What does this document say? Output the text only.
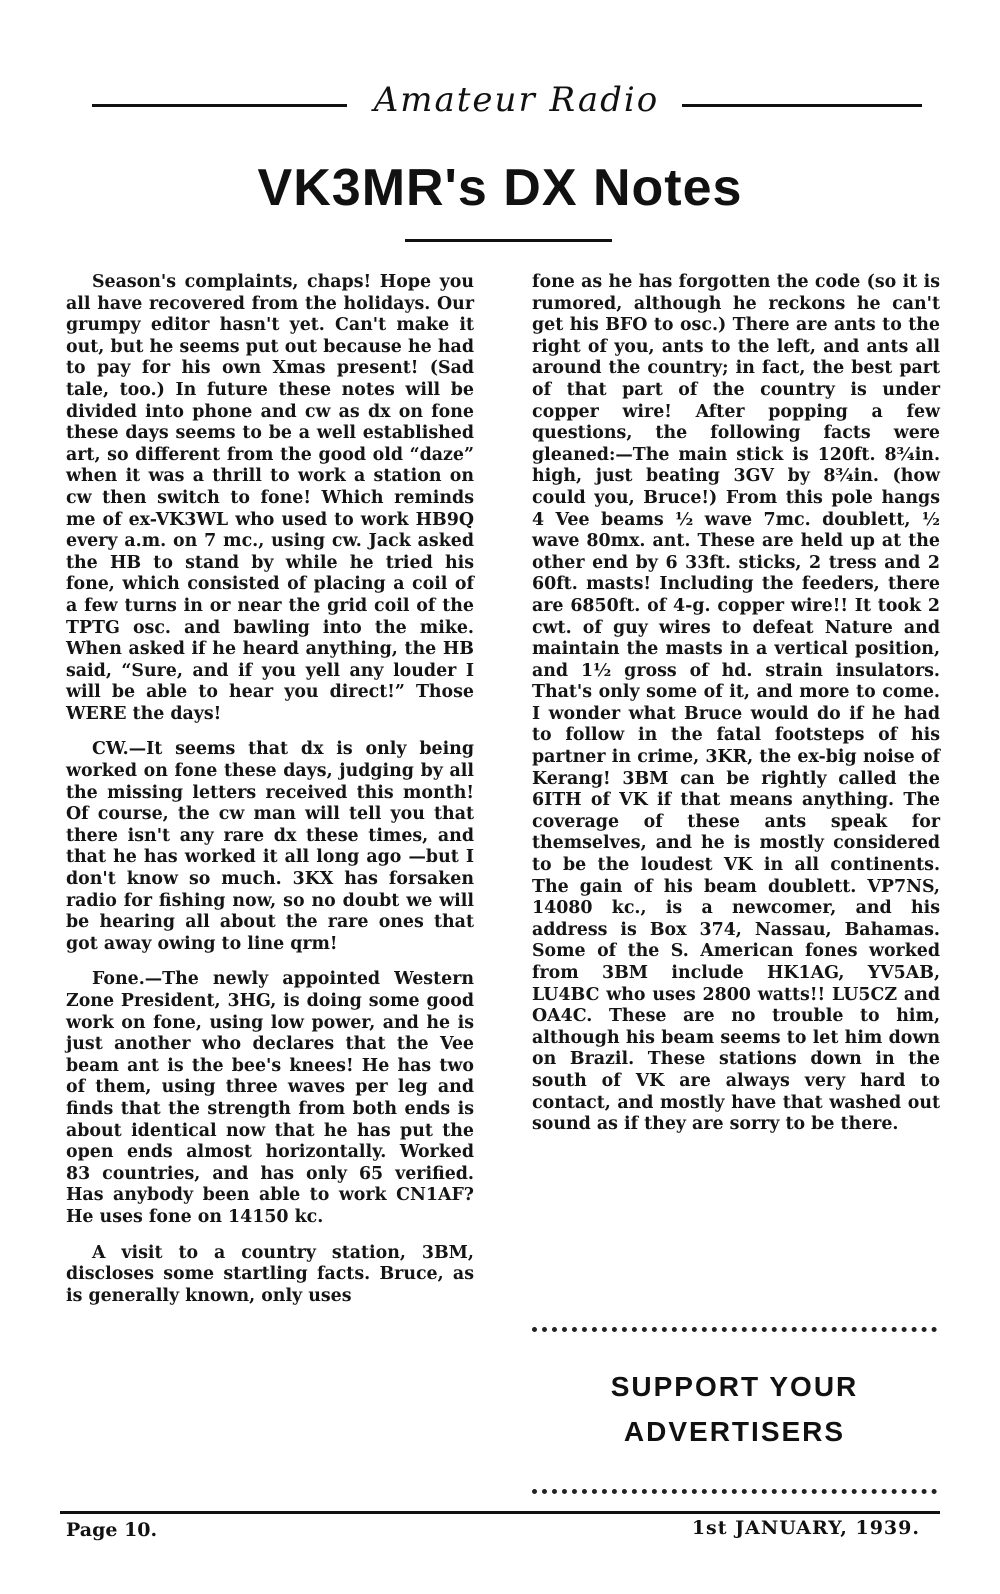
Amateur Radio
VK3MR's DX Notes

Season's complaints, chaps! Hope you all have recovered from the holidays. Our grumpy editor hasn't yet. Can't make it out, but he seems put out because he had to pay for his own Xmas present! (Sad tale, too.) In future these notes will be divided into phone and cw as dx on fone these days seems to be a well established art, so different from the good old “daze” when it was a thrill to work a station on cw then switch to fone! Which reminds me of ex-VK3WL who used to work HB9Q every a.m. on 7 mc., using cw. Jack asked the HB to stand by while he tried his fone, which consisted of placing a coil of a few turns in or near the grid coil of the TPTG osc. and bawling into the mike. When asked if he heard anything, the HB said, “Sure, and if you yell any louder I will be able to hear you direct!” Those WERE the days!

CW.—It seems that dx is only being worked on fone these days, judging by all the missing letters received this month! Of course, the cw man will tell you that there isn't any rare dx these times, and that he has worked it all long ago —but I don't know so much. 3KX has forsaken radio for fishing now, so no doubt we will be hearing all about the rare ones that got away owing to line qrm!

Fone.—The newly appointed Western Zone President, 3HG, is doing some good work on fone, using low power, and he is just another who declares that the Vee beam ant is the bee's knees! He has two of them, using three waves per leg and finds that the strength from both ends is about identical now that he has put the open ends almost horizontally. Worked 83 countries, and has only 65 verified. Has anybody been able to work CN1AF? He uses fone on 14150 kc.

A visit to a country station, 3BM, discloses some startling facts. Bruce, as is generally known, only uses

fone as he has forgotten the code (so it is rumored, although he reckons he can't get his BFO to osc.) There are ants to the right of you, ants to the left, and ants all around the country; in fact, the best part of that part of the country is under copper wire! After popping a few questions, the following facts were gleaned:—The main stick is 120ft. 8¾in. high, just beating 3GV by 8¾in. (how could you, Bruce!) From this pole hangs 4 Vee beams ½ wave 7mc. doublett, ½ wave 80mx. ant. These are held up at the other end by 6 33ft. sticks, 2 tress and 2 60ft. masts! Including the feeders, there are 6850ft. of 4-g. copper wire!! It took 2 cwt. of guy wires to defeat Nature and maintain the masts in a vertical position, and 1½ gross of hd. strain insulators. That's only some of it, and more to come. I wonder what Bruce would do if he had to follow in the fatal footsteps of his partner in crime, 3KR, the ex-big noise of Kerang! 3BM can be rightly called the 6ITH of VK if that means anything. The coverage of these ants speak for themselves, and he is mostly considered to be the loudest VK in all continents. The gain of his beam doublett. VP7NS, 14080 kc., is a newcomer, and his address is Box 374, Nassau, Bahamas. Some of the S. American fones worked from 3BM include HK1AG, YV5AB, LU4BC who uses 2800 watts!! LU5CZ and OA4C. These are no trouble to him, although his beam seems to let him down on Brazil. These stations down in the south of VK are always very hard to contact, and mostly have that washed out sound as if they are sorry to be there.

SUPPORT YOUR
ADVERTISERS
Page 10.	1st JANUARY, 1939.
